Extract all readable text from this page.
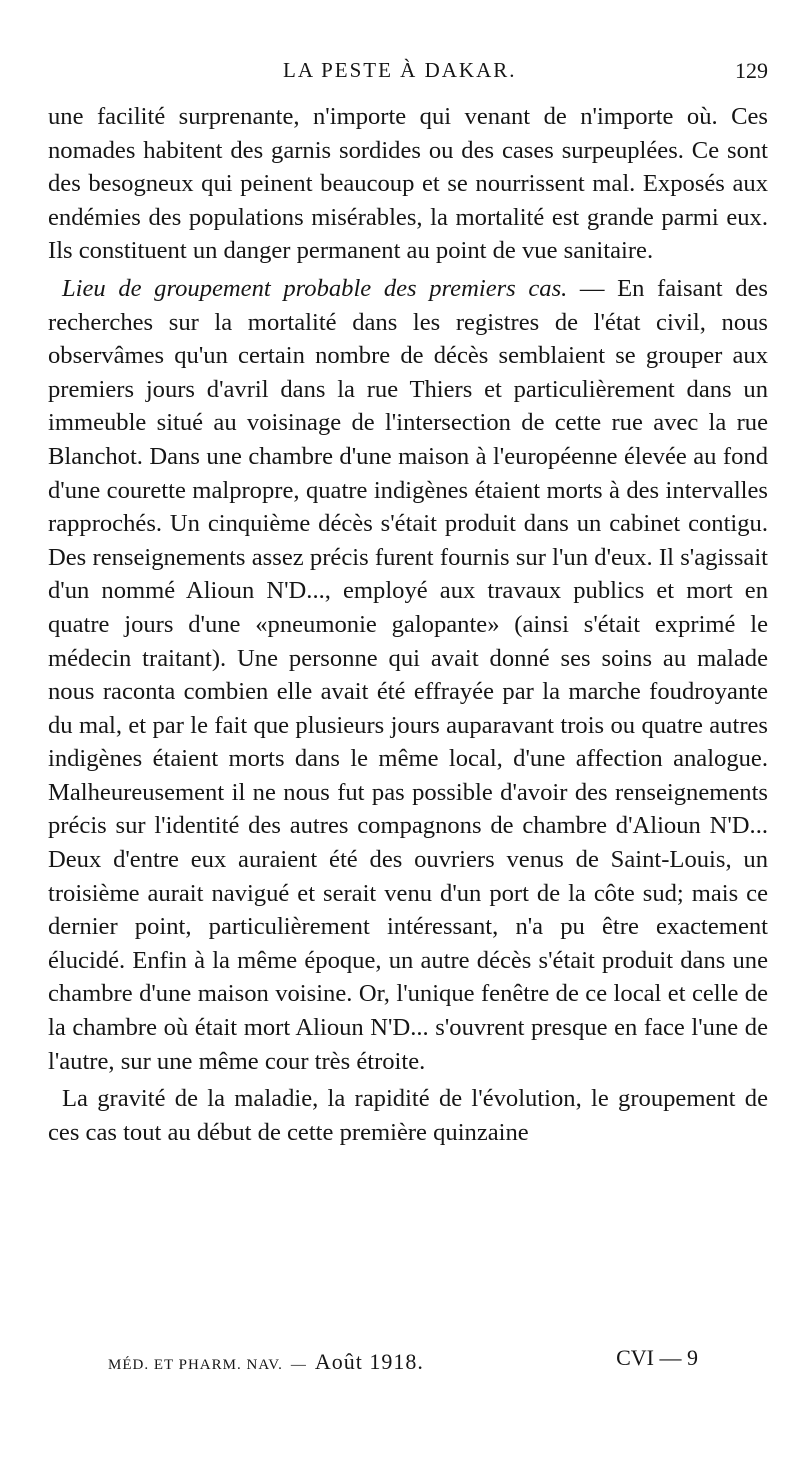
LA PESTE À DAKAR.	129

une facilité surprenante, n'importe qui venant de n'importe où. Ces nomades habitent des garnis sordides ou des cases surpeuplées. Ce sont des besogneux qui peinent beaucoup et se nourrissent mal. Exposés aux endémies des populations misérables, la mortalité est grande parmi eux. Ils constituent un danger permanent au point de vue sanitaire.

Lieu de groupement probable des premiers cas. — En faisant des recherches sur la mortalité dans les registres de l'état civil, nous observâmes qu'un certain nombre de décès semblaient se grouper aux premiers jours d'avril dans la rue Thiers et particulièrement dans un immeuble situé au voisinage de l'intersection de cette rue avec la rue Blanchot. Dans une chambre d'une maison à l'européenne élevée au fond d'une courette malpropre, quatre indigènes étaient morts à des intervalles rapprochés. Un cinquième décès s'était produit dans un cabinet contigu. Des renseignements assez précis furent fournis sur l'un d'eux. Il s'agissait d'un nommé Alioun N'D..., employé aux travaux publics et mort en quatre jours d'une «pneumonie galopante» (ainsi s'était exprimé le médecin traitant). Une personne qui avait donné ses soins au malade nous raconta combien elle avait été effrayée par la marche foudroyante du mal, et par le fait que plusieurs jours auparavant trois ou quatre autres indigènes étaient morts dans le même local, d'une affection analogue. Malheureusement il ne nous fut pas possible d'avoir des renseignements précis sur l'identité des autres compagnons de chambre d'Alioun N'D... Deux d'entre eux auraient été des ouvriers venus de Saint-Louis, un troisième aurait navigué et serait venu d'un port de la côte sud; mais ce dernier point, particulièrement intéressant, n'a pu être exactement élucidé. Enfin à la même époque, un autre décès s'était produit dans une chambre d'une maison voisine. Or, l'unique fenêtre de ce local et celle de la chambre où était mort Alioun N'D... s'ouvrent presque en face l'une de l'autre, sur une même cour très étroite.

La gravité de la maladie, la rapidité de l'évolution, le groupement de ces cas tout au début de cette première quinzaine

MÉD. ET PHARM. NAV. — Août 1918.	CVI — 9
